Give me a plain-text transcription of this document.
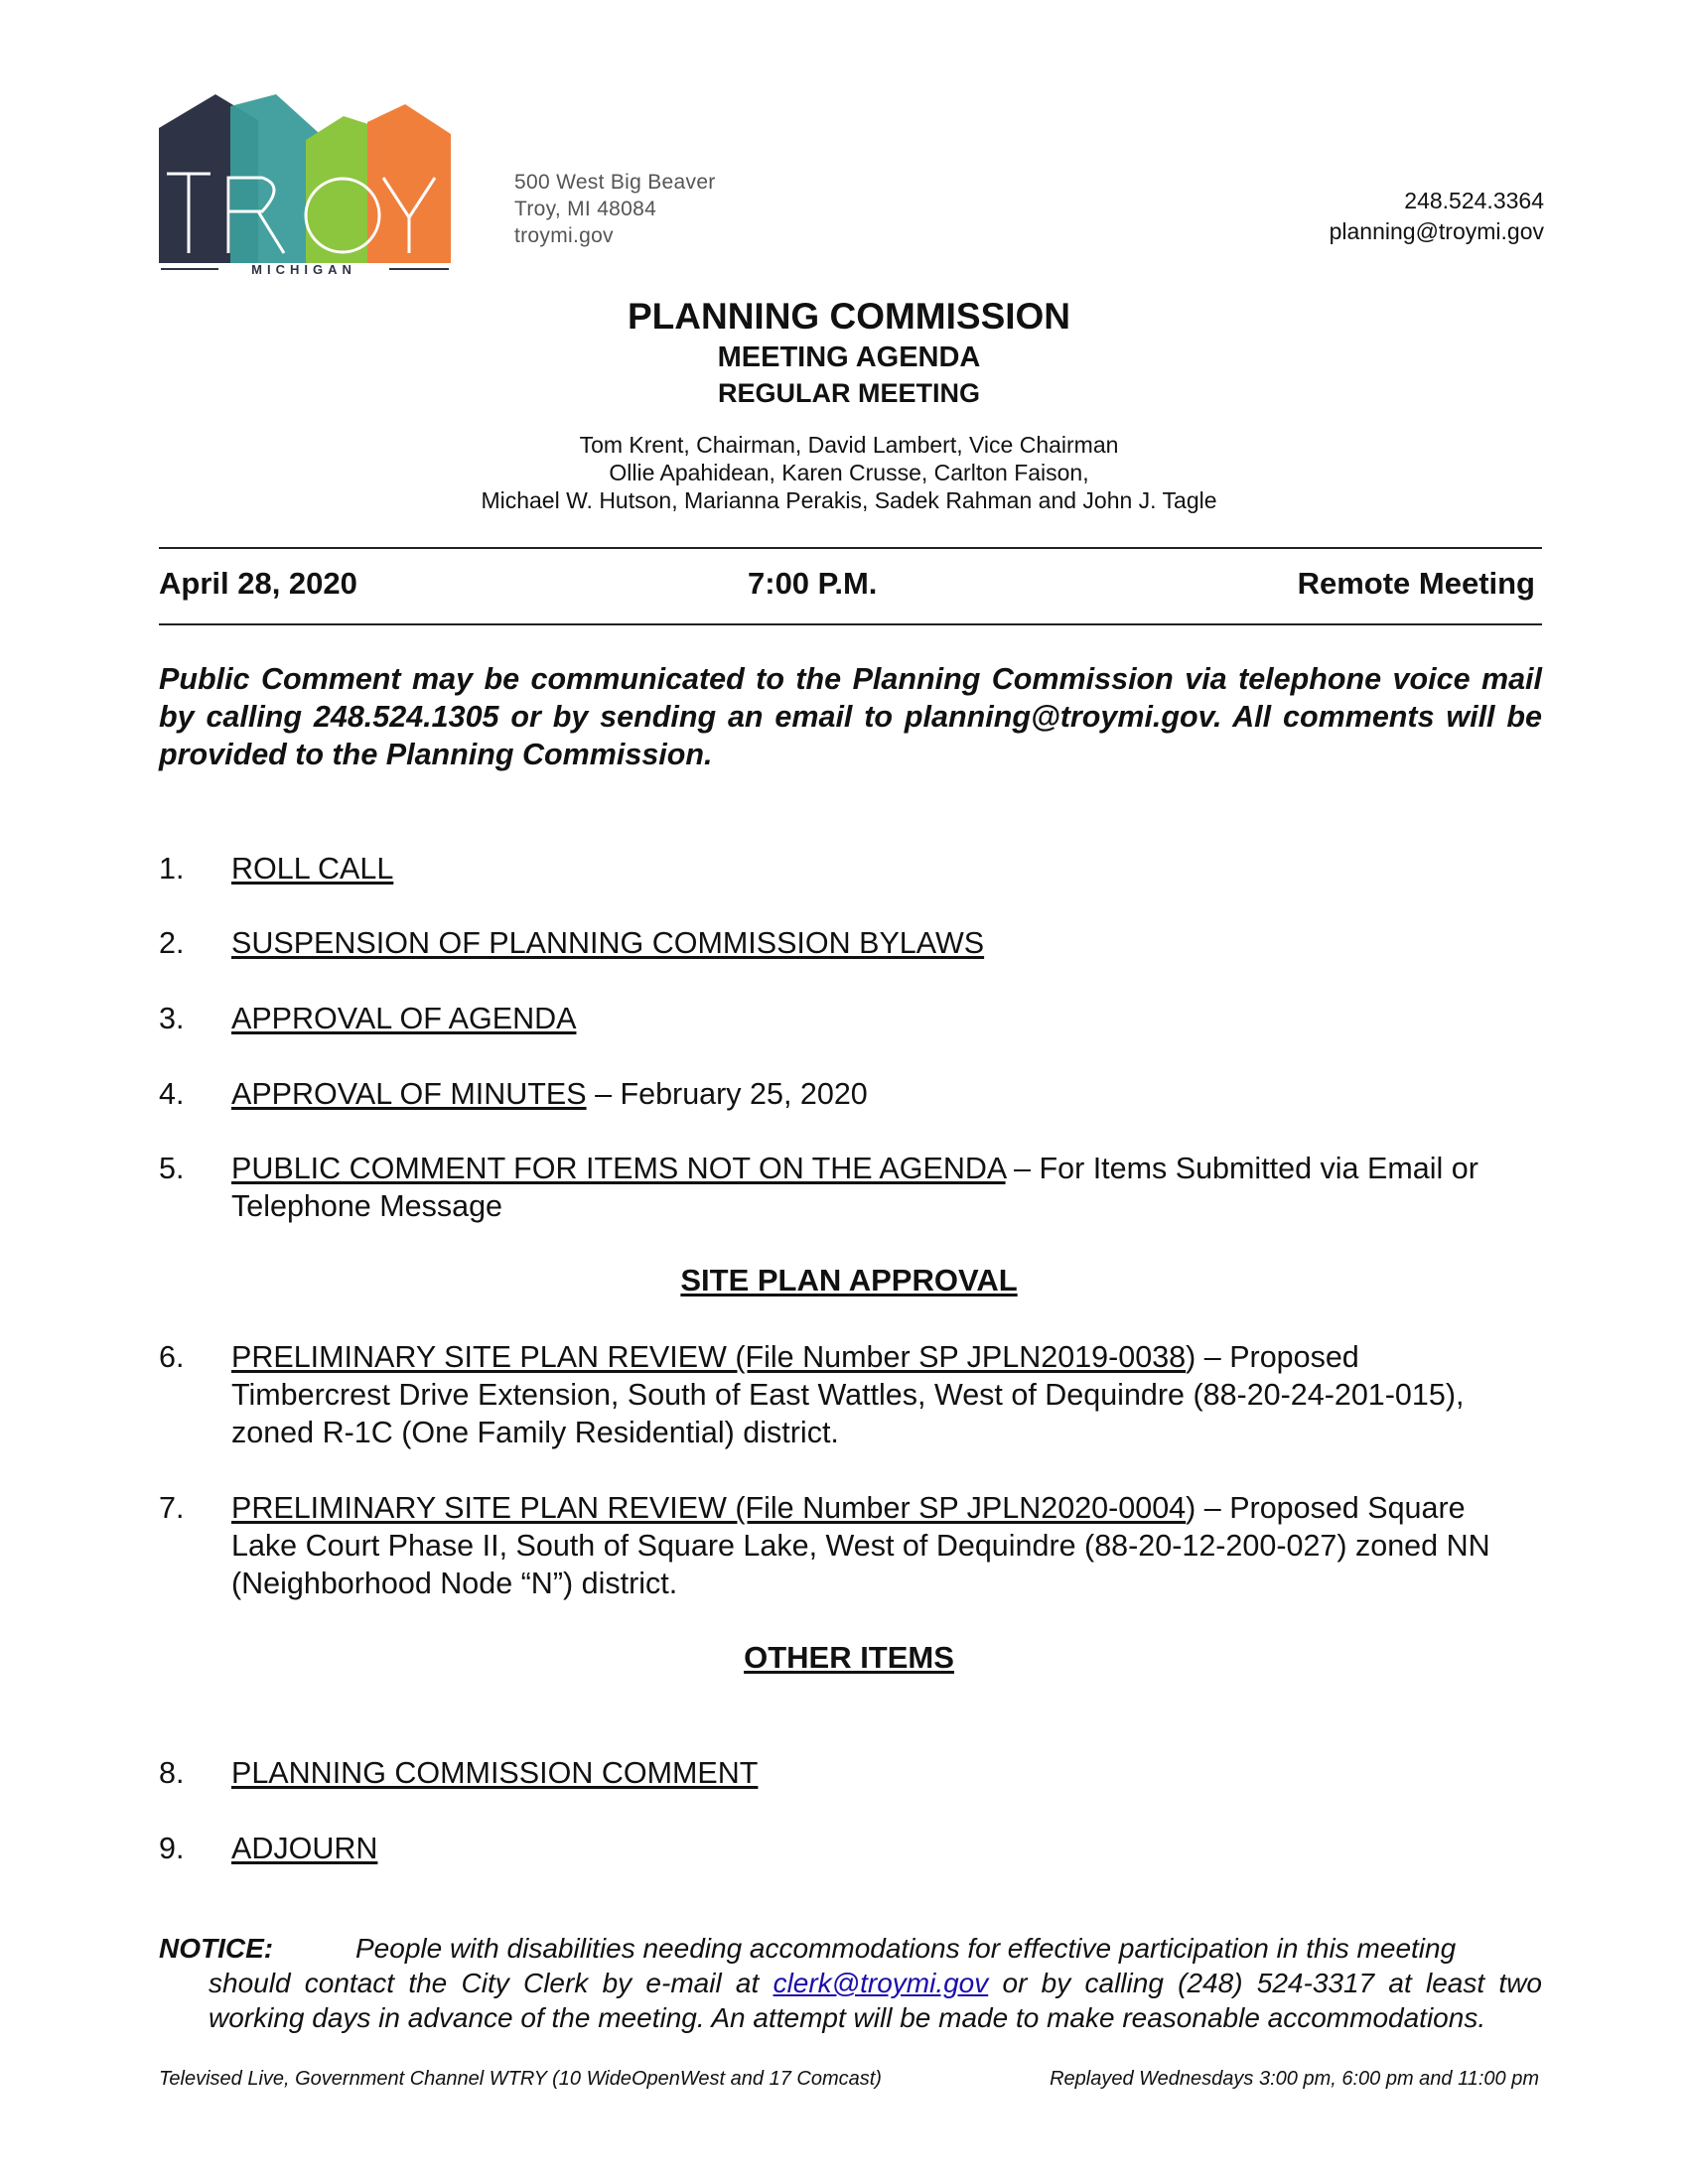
MICHIGAN
500 West Big Beaver
Troy, MI 48084
troymi.gov
248.524.3364
planning@troymi.gov
PLANNING COMMISSION
MEETING AGENDA
REGULAR MEETING
Tom Krent, Chairman, David Lambert, Vice Chairman
Ollie Apahidean, Karen Crusse, Carlton Faison,
Michael W. Hutson, Marianna Perakis, Sadek Rahman and John J. Tagle
April 28, 2020	7:00 P.M.	Remote Meeting
Public Comment may be communicated to the Planning Commission via telephone voice mail by calling 248.524.1305 or by sending an email to planning@troymi.gov. All comments will be provided to the Planning Commission.
1. ROLL CALL
2. SUSPENSION OF PLANNING COMMISSION BYLAWS
3. APPROVAL OF AGENDA
4. APPROVAL OF MINUTES – February 25, 2020
5. PUBLIC COMMENT FOR ITEMS NOT ON THE AGENDA – For Items Submitted via Email or Telephone Message
SITE PLAN APPROVAL
6. PRELIMINARY SITE PLAN REVIEW (File Number SP JPLN2019-0038) – Proposed Timbercrest Drive Extension, South of East Wattles, West of Dequindre (88-20-24-201-015), zoned R-1C (One Family Residential) district.
7. PRELIMINARY SITE PLAN REVIEW (File Number SP JPLN2020-0004) – Proposed Square Lake Court Phase II, South of Square Lake, West of Dequindre (88-20-12-200-027) zoned NN (Neighborhood Node “N”) district.
OTHER ITEMS
8. PLANNING COMMISSION COMMENT
9. ADJOURN
NOTICE:	People with disabilities needing accommodations for effective participation in this meeting
should contact the City Clerk by e-mail at clerk@troymi.gov or by calling (248) 524-3317 at least two working days in advance of the meeting. An attempt will be made to make reasonable accommodations.
Televised Live, Government Channel WTRY (10 WideOpenWest and 17 Comcast)	Replayed Wednesdays 3:00 pm, 6:00 pm and 11:00 pm
